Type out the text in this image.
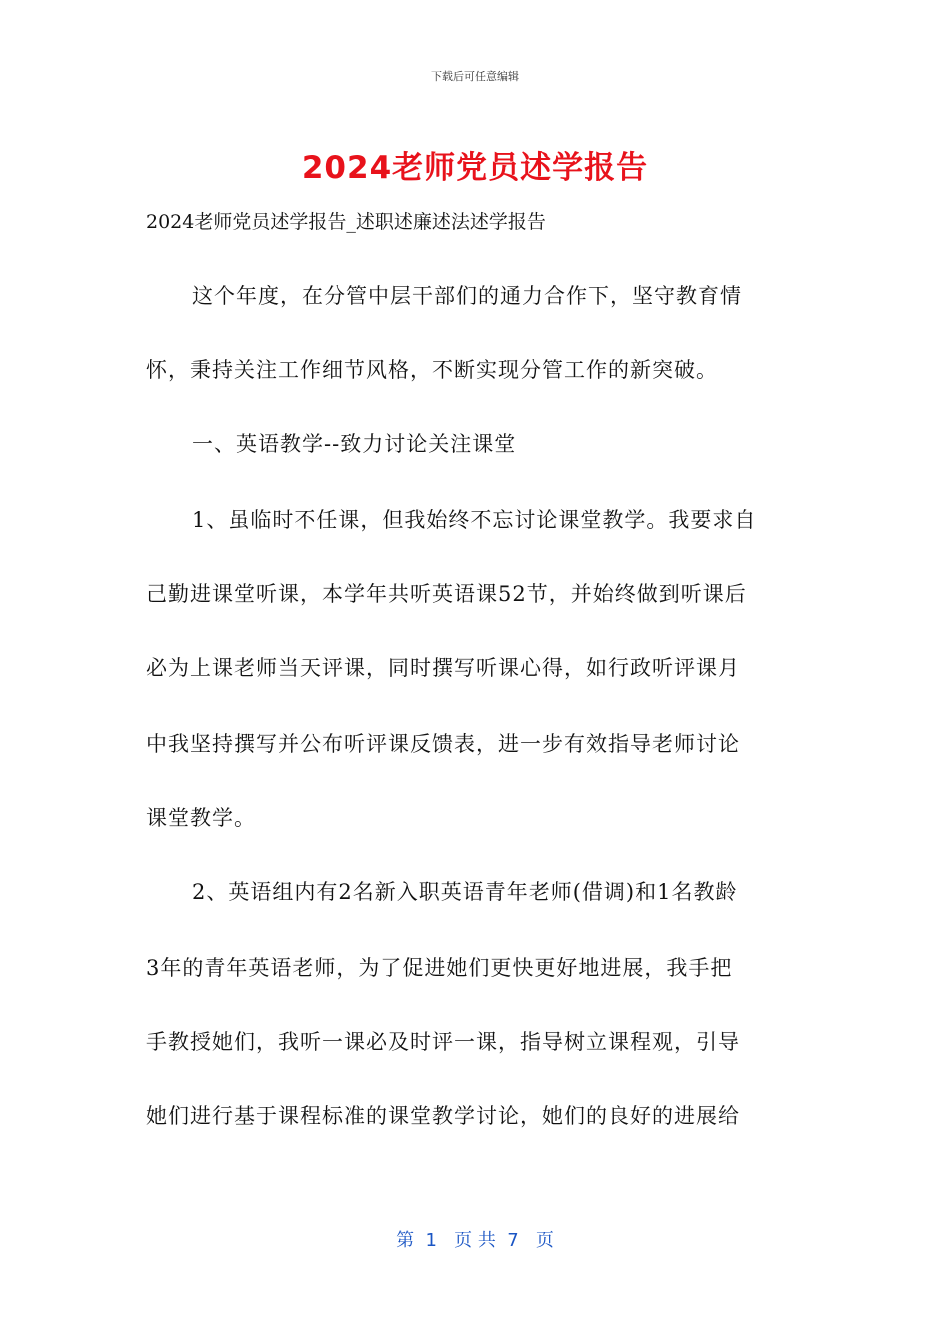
下载后可任意编辑
2024老师党员述学报告
2024老师党员述学报告_述职述廉述法述学报告
这个年度，在分管中层干部们的通力合作下，坚守教育情
怀，秉持关注工作细节风格，不断实现分管工作的新突破。
一、英语教学--致力讨论关注课堂
1、虽临时不任课，但我始终不忘讨论课堂教学。我要求自
己勤进课堂听课，本学年共听英语课52节，并始终做到听课后
必为上课老师当天评课，同时撰写听课心得，如行政听评课月
中我坚持撰写并公布听评课反馈表，进一步有效指导老师讨论
课堂教学。
2、英语组内有2名新入职英语青年老师(借调)和1名教龄
3年的青年英语老师，为了促进她们更快更好地进展，我手把
手教授她们，我听一课必及时评一课，指导树立课程观，引导
她们进行基于课程标准的课堂教学讨论，她们的良好的进展给
第  1   页 共  7   页
